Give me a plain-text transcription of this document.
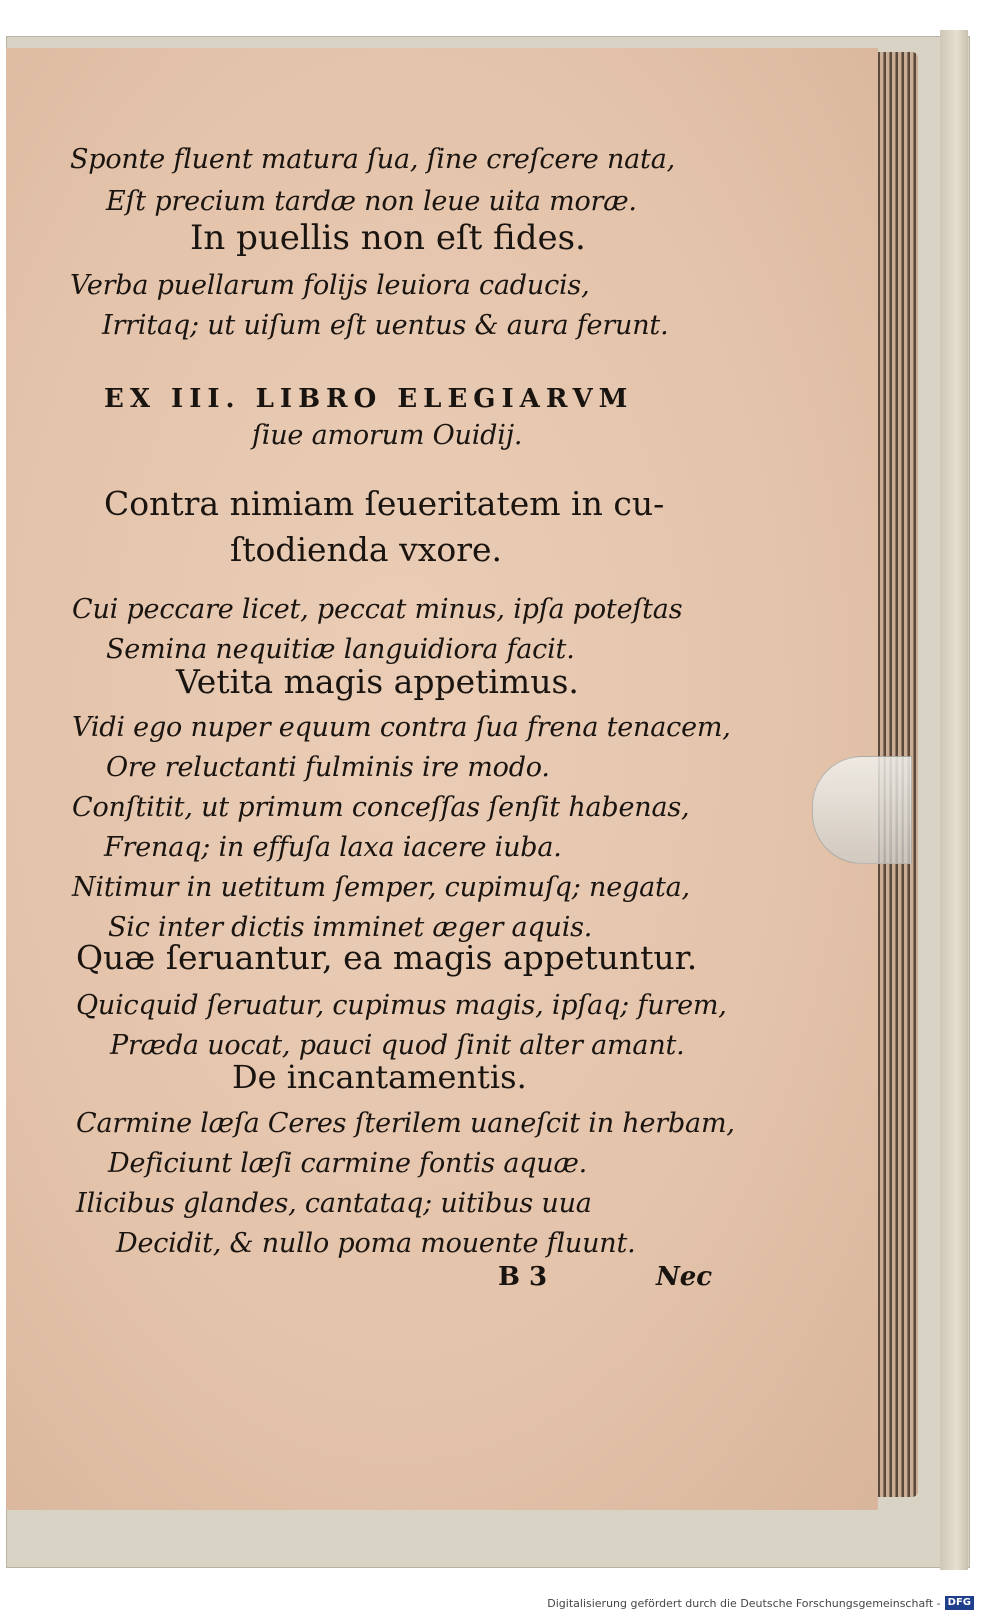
Sponte fluent matura ſua, ſine creſcere nata,
Eſt precium tardæ non leue uita moræ.
In puellis non eſt fides.
Verba puellarum folijs leuiora caducis,
Irritaq; ut uiſum eſt uentus & aura ferunt.
EX III. LIBRO ELEGIARVM
ſiue amorum Ouidij.
Contra nimiam ſeueritatem in cu-
ſtodienda vxore.
Cui peccare licet, peccat minus, ipſa poteſtas
Semina nequitiæ languidiora facit.
Vetita magis appetimus.
Vidi ego nuper equum contra ſua frena tenacem,
Ore reluctanti fulminis ire modo.
Conſtitit, ut primum conceſſas ſenſit habenas,
Frenaq; in effuſa laxa iacere iuba.
Nitimur in uetitum ſemper, cupimuſq; negata,
Sic inter dictis imminet æger aquis.
Quæ ſeruantur, ea magis appetuntur.
Quicquid ſeruatur, cupimus magis, ipſaq; furem,
Præda uocat, pauci quod ſinit alter amant.
De incantamentis.
Carmine læſa Ceres ſterilem uaneſcit in herbam,
Deficiunt læſi carmine fontis aquæ.
Ilicibus glandes, cantataq; uitibus uua
Decidit, & nullo poma mouente fluunt.
B 3	Nec
Digitalisierung gefördert durch die Deutsche Forschungsgemeinschaft - DFG
